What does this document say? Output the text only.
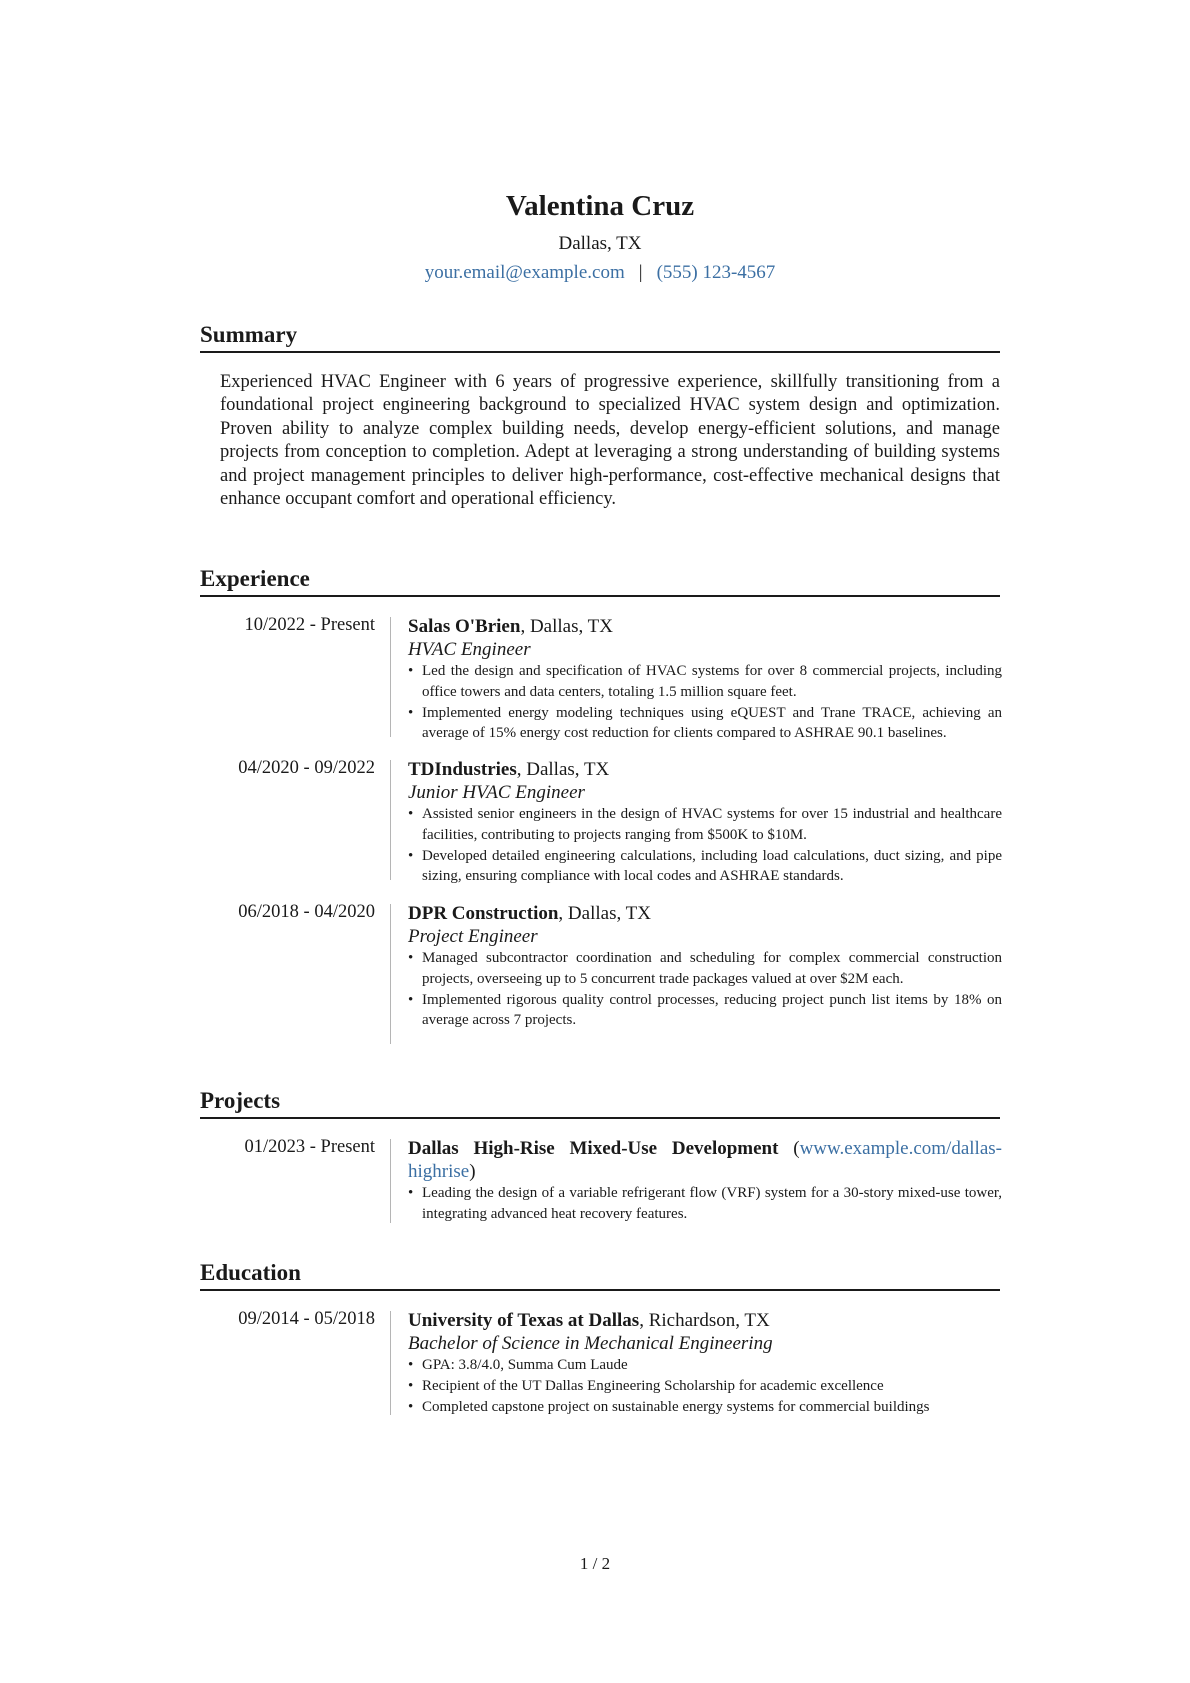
Valentina Cruz
Dallas, TX
your.email@example.com | (555) 123-4567
Summary

Experienced HVAC Engineer with 6 years of progressive experience, skillfully transitioning from a foundational project engineering background to specialized HVAC system design and optimization. Proven ability to analyze complex building needs, develop energy-efficient solutions, and manage projects from conception to completion. Adept at leveraging a strong understanding of building systems and project management principles to deliver high-performance, cost-effective mechanical designs that enhance occupant comfort and operational efficiency.

Experience
10/2022 - Present Salas O'Brien, Dallas, TX
HVAC Engineer
• Led the design and specification of HVAC systems for over 8 commercial projects, including office towers and data centers, totaling 1.5 million square feet.
• Implemented energy modeling techniques using eQUEST and Trane TRACE, achieving an average of 15% energy cost reduction for clients compared to ASHRAE 90.1 baselines.
04/2020 - 09/2022 TDIndustries, Dallas, TX
Junior HVAC Engineer
• Assisted senior engineers in the design of HVAC systems for over 15 industrial and healthcare facilities, contributing to projects ranging from $500K to $10M.
• Developed detailed engineering calculations, including load calculations, duct sizing, and pipe sizing, ensuring compliance with local codes and ASHRAE standards.
06/2018 - 04/2020 DPR Construction, Dallas, TX
Project Engineer
• Managed subcontractor coordination and scheduling for complex commercial construction projects, overseeing up to 5 concurrent trade packages valued at over $2M each.
• Implemented rigorous quality control processes, reducing project punch list items by 18% on average across 7 projects.
Projects
01/2023 - Present Dallas High-Rise Mixed-Use Development (www.example.com/dallas-highrise)
• Leading the design of a variable refrigerant flow (VRF) system for a 30-story mixed-use tower, integrating advanced heat recovery features.
Education
09/2014 - 05/2018 University of Texas at Dallas, Richardson, TX
Bachelor of Science in Mechanical Engineering
• GPA: 3.8/4.0, Summa Cum Laude
• Recipient of the UT Dallas Engineering Scholarship for academic excellence
• Completed capstone project on sustainable energy systems for commercial buildings
1 / 2
